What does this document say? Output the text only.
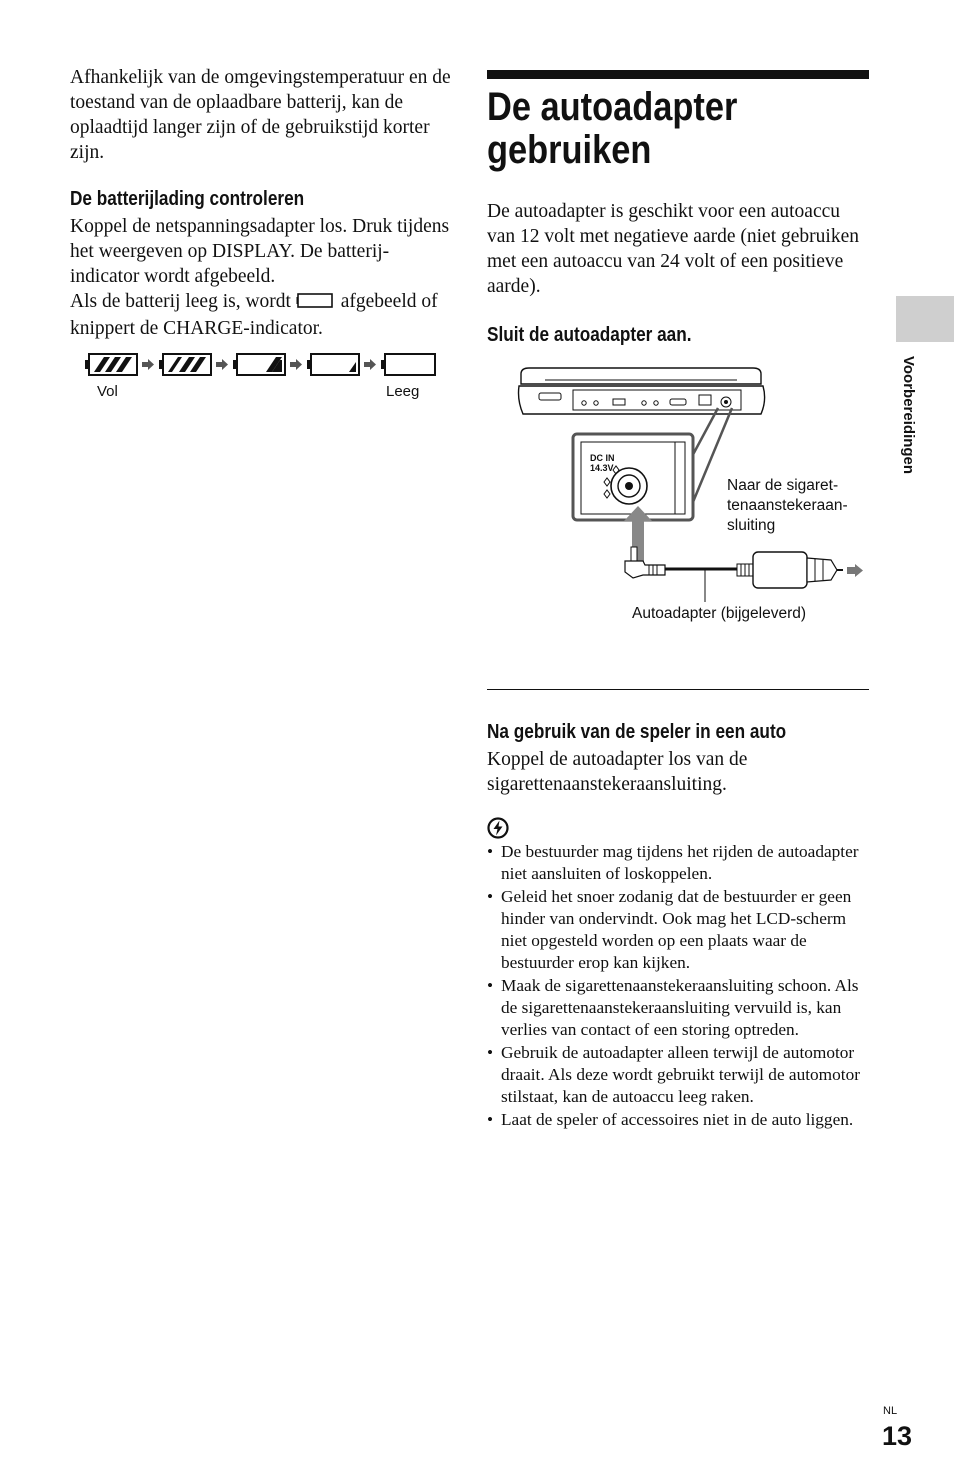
Afhankelijk van de omgevingstemperatuur en de toestand van de oplaadbare batterij, kan de oplaadtijd langer zijn of de gebruikstijd korter zijn.
De batterijlading controleren
Koppel de netspanningsadapter los. Druk tijdens het weergeven op DISPLAY. De batterij-indicator wordt afgebeeld.
Als de batterij leeg is, wordt	afgebeeld of knippert de CHARGE-indicator.
Vol	Leeg
De autoadapter gebruiken
De autoadapter is geschikt voor een autoaccu van 12 volt met negatieve aarde (niet gebruiken met een autoaccu van 24 volt of een positieve aarde).
Sluit de autoadapter aan.
DC IN
14.3V
Naar de sigaret-
tenaanstekeraan-
sluiting
Autoadapter (bijgeleverd)
Na gebruik van de speler in een auto
Koppel de autoadapter los van de sigarettenaanstekeraansluiting.
• De bestuurder mag tijdens het rijden de autoadapter niet aansluiten of loskoppelen.
• Geleid het snoer zodanig dat de bestuurder er geen hinder van ondervindt. Ook mag het LCD-scherm niet opgesteld worden op een plaats waar de bestuurder erop kan kijken.
• Maak de sigarettenaanstekeraansluiting schoon. Als de sigarettenaanstekeraansluiting vervuild is, kan verlies van contact of een storing optreden.
• Gebruik de autoadapter alleen terwijl de automotor draait. Als deze wordt gebruikt terwijl de automotor stilstaat, kan de autoaccu leeg raken.
• Laat de speler of accessoires niet in de auto liggen.
Voorbereidingen
NL
13
